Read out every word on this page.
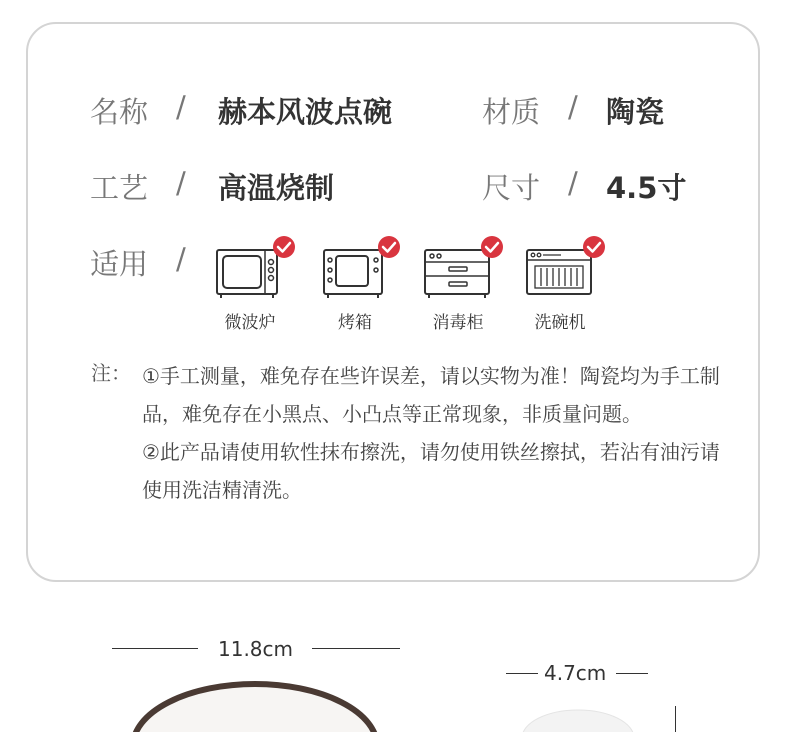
名称 / 赫本风波点碗	材质 / 陶瓷
工艺 / 高温烧制	尺寸 / 4.5寸
适用 /
微波炉	烤箱	消毒柜	洗碗机
注： ①手工测量，难免存在些许误差，请以实物为准！陶瓷均为手工制品，难免存在小黑点、小凸点等正常现象，非质量问题。

②此产品请使用软性抹布擦洗，请勿使用铁丝擦拭，若沾有油污请使用洗洁精清洗。

11.8cm
4.7cm
